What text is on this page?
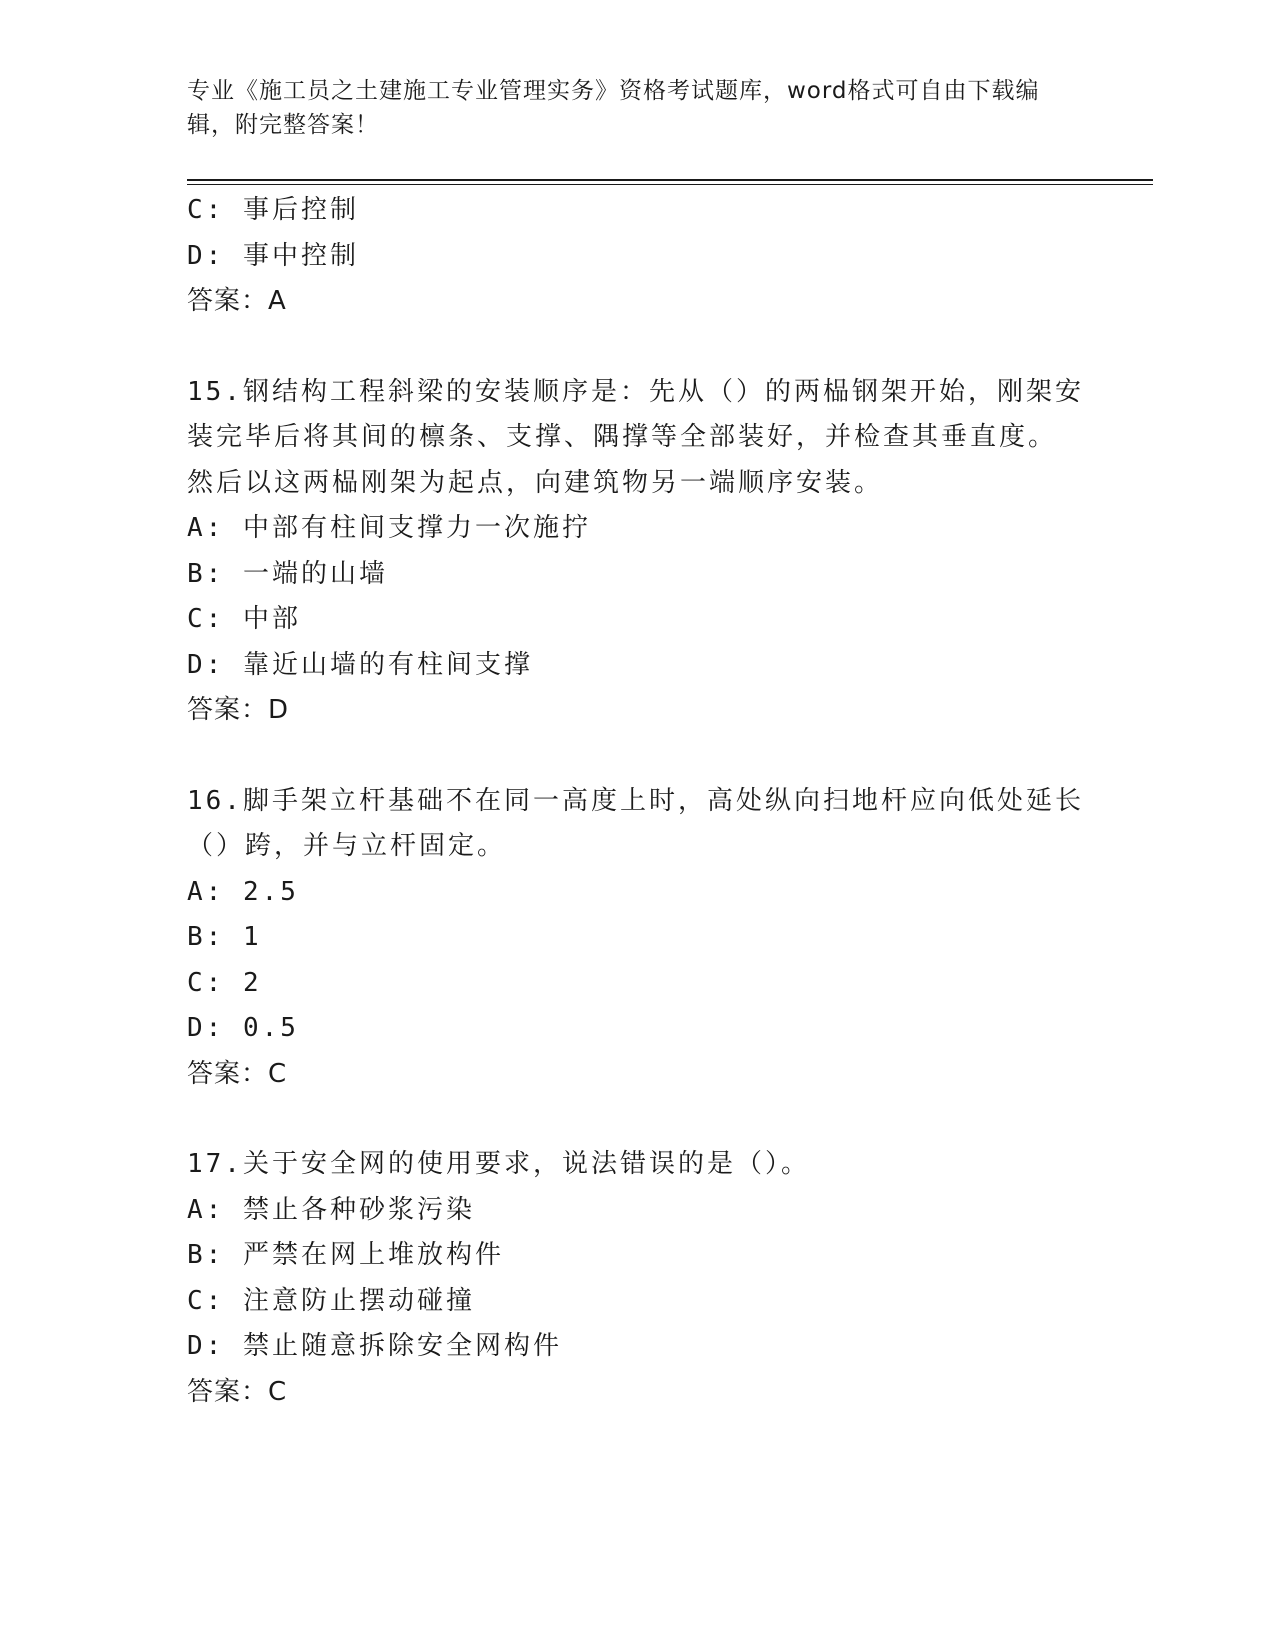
专业《施工员之土建施工专业管理实务》资格考试题库，word格式可自由下载编
辑，附完整答案！
C: 事后控制
D: 事中控制
答案：A
15.钢结构工程斜梁的安装顺序是：先从（）的两榀钢架开始，刚架安
装完毕后将其间的檩条、支撑、隅撑等全部装好，并检查其垂直度。
然后以这两榀刚架为起点，向建筑物另一端顺序安装。
A: 中部有柱间支撑力一次施拧
B: 一端的山墙
C: 中部
D: 靠近山墙的有柱间支撑
答案：D
16.脚手架立杆基础不在同一高度上时，高处纵向扫地杆应向低处延长
（）跨，并与立杆固定。
A: 2.5
B: 1
C: 2
D: 0.5
答案：C
17.关于安全网的使用要求，说法错误的是（）。
A: 禁止各种砂浆污染
B: 严禁在网上堆放构件
C: 注意防止摆动碰撞
D: 禁止随意拆除安全网构件
答案：C
